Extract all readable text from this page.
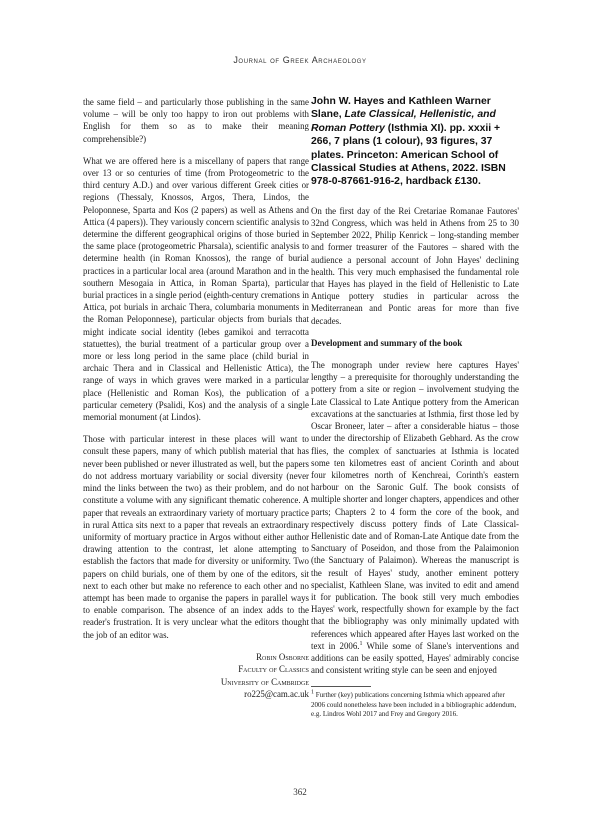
Journal of Greek Archaeology

the same field – and particularly those publishing in the same volume – will be only too happy to iron out problems with English for them so as to make their meaning comprehensible?)

What we are offered here is a miscellany of papers that range over 13 or so centuries of time (from Protogeometric to the third century A.D.) and over various different Greek cities or regions (Thessaly, Knossos, Argos, Thera, Lindos, the Peloponnese, Sparta and Kos (2 papers) as well as Athens and Attica (4 papers)). They variously concern scientific analysis to determine the different geographical origins of those buried in the same place (protogeometric Pharsala), scientific analysis to determine health (in Roman Knossos), the range of burial practices in a particular local area (around Marathon and in the southern Mesogaia in Attica, in Roman Sparta), particular burial practices in a single period (eighth-century cremations in Attica, pot burials in archaic Thera, columbaria monuments in the Roman Peloponnese), particular objects from burials that might indicate social identity (lebes gamikoi and terracotta statuettes), the burial treatment of a particular group over a more or less long period in the same place (child burial in archaic Thera and in Classical and Hellenistic Attica), the range of ways in which graves were marked in a particular place (Hellenistic and Roman Kos), the publication of a particular cemetery (Psalidi, Kos) and the analysis of a single memorial monument (at Lindos).

Those with particular interest in these places will want to consult these papers, many of which publish material that has never been published or never illustrated as well, but the papers do not address mortuary variability or social diversity (never mind the links between the two) as their problem, and do not constitute a volume with any significant thematic coherence. A paper that reveals an extraordinary variety of mortuary practice in rural Attica sits next to a paper that reveals an extraordinary uniformity of mortuary practice in Argos without either author drawing attention to the contrast, let alone attempting to establish the factors that made for diversity or uniformity. Two papers on child burials, one of them by one of the editors, sit next to each other but make no reference to each other and no attempt has been made to organise the papers in parallel ways to enable comparison. The absence of an index adds to the reader's frustration. It is very unclear what the editors thought the job of an editor was.

Robin Osborne
Faculty of Classics
University of Cambridge
ro225@cam.ac.uk
John W. Hayes and Kathleen Warner Slane, Late Classical, Hellenistic, and Roman Pottery (Isthmia XI). pp. xxxii + 266, 7 plans (1 colour), 93 figures, 37 plates. Princeton: American School of Classical Studies at Athens, 2022. ISBN 978-0-87661-916-2, hardback £130.

On the first day of the Rei Cretariae Romanae Fautores' 32nd Congress, which was held in Athens from 25 to 30 September 2022, Philip Kenrick – long-standing member and former treasurer of the Fautores – shared with the audience a personal account of John Hayes' declining health. This very much emphasised the fundamental role that Hayes has played in the field of Hellenistic to Late Antique pottery studies in particular across the Mediterranean and Pontic areas for more than five decades.

Development and summary of the book

The monograph under review here captures Hayes' lengthy – a prerequisite for thoroughly understanding the pottery from a site or region – involvement studying the Late Classical to Late Antique pottery from the American excavations at the sanctuaries at Isthmia, first those led by Oscar Broneer, later – after a considerable hiatus – those under the directorship of Elizabeth Gebhard. As the crow flies, the complex of sanctuaries at Isthmia is located some ten kilometres east of ancient Corinth and about four kilometres north of Kenchreai, Corinth's eastern harbour on the Saronic Gulf. The book consists of multiple shorter and longer chapters, appendices and other parts; Chapters 2 to 4 form the core of the book, and respectively discuss pottery finds of Late Classical-Hellenistic date and of Roman-Late Antique date from the Sanctuary of Poseidon, and those from the Palaimonion (the Sanctuary of Palaimon). Whereas the manuscript is the result of Hayes' study, another eminent pottery specialist, Kathleen Slane, was invited to edit and amend it for publication. The book still very much embodies Hayes' work, respectfully shown for example by the fact that the bibliography was only minimally updated with references which appeared after Hayes last worked on the text in 2006.$^1$ While some of Slane's interventions and additions can be easily spotted, Hayes' admirably concise and consistent writing style can be seen and enjoyed

$^1$ Further (key) publications concerning Isthmia which appeared after 2006 could nonetheless have been included in a bibliographic addendum, e.g. Lindros Wohl 2017 and Frey and Gregory 2016.
362
